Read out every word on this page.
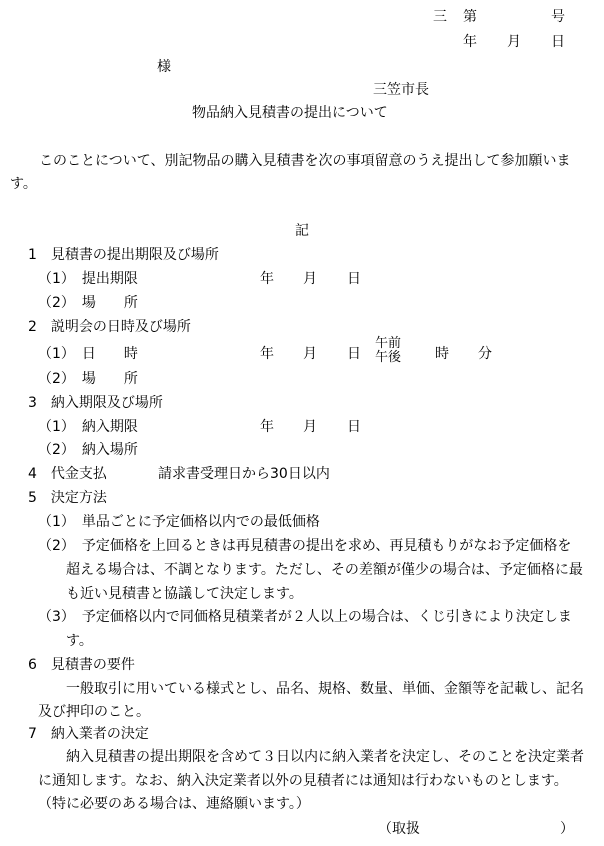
三 第	号
年 月 日
様
三笠市長
物品納入見積書の提出について
このことについて、別記物品の購入見積書を次の事項留意のうえ提出して参加願いま
す。
記
1　見積書の提出期限及び場所
（1）　提出期限	年 月 日
（2）　場　　所
2　説明会の日時及び場所
（1）　日　　時	年 月 日
午前
午後 時 分
（2）　場　　所
3　納入期限及び場所
（1）　納入期限	年 月 日
（2）　納入場所
4　代金支払	請求書受理日から30日以内
5　決定方法
（1）　単品ごとに予定価格以内での最低価格
（2）　予定価格を上回るときは再見積書の提出を求め、再見積もりがなお予定価格を
超える場合は、不調となります。ただし、その差額が僅少の場合は、予定価格に最
も近い見積書と協議して決定します。
（3）　予定価格以内で同価格見積業者が２人以上の場合は、くじ引きにより決定しま
す。
6　見積書の要件
一般取引に用いている様式とし、品名、規格、数量、単価、金額等を記載し、記名
及び押印のこと。
7　納入業者の決定
納入見積書の提出期限を含めて３日以内に納入業者を決定し、そのことを決定業者
に通知します。なお、納入決定業者以外の見積者には通知は行わないものとします。
（特に必要のある場合は、連絡願います。）
（取扱	）
